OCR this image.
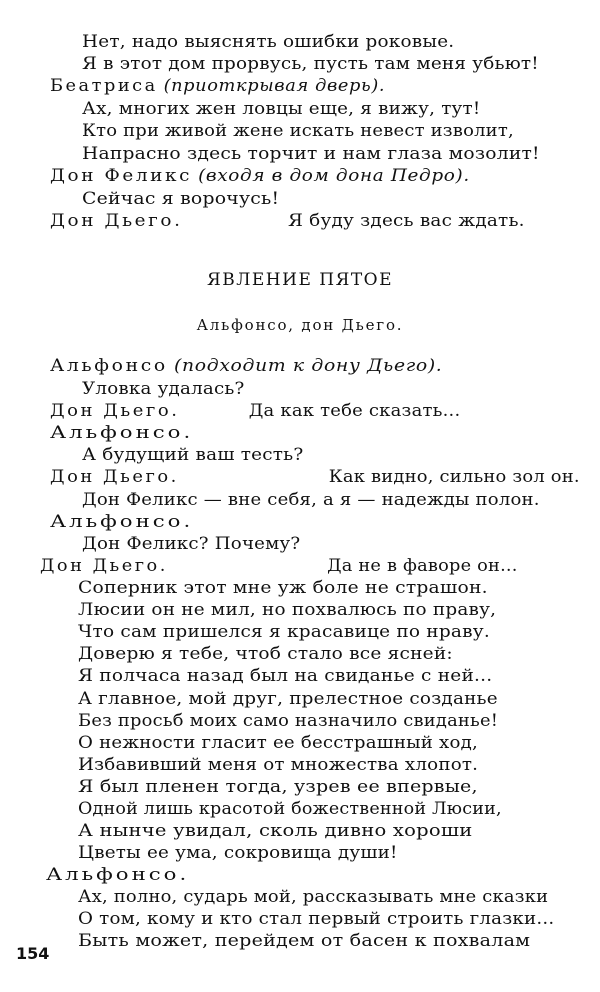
ЯВЛЕНИЕ ПЯТОЕ
Альфонсо, дон Дьего.
Нет, надо выяснять ошибки роковые.
Я в этот дом прорвусь, пусть там меня убьют!
Беатриса (приоткрывая дверь).
Ах, многих жен ловцы еще, я вижу, тут!
Кто при живой жене искать невест изволит,
Напрасно здесь торчит и нам глаза мозолит!
Дон Феликс (входя в дом дона Педро).
Сейчас я ворочусь!
Дон Дьего.	Я буду здесь вас ждать.
Альфонсо (подходит к дону Дьего).
Уловка удалась?
Дон Дьего.	Да как тебе сказать...
Альфонсо.
А будущий ваш тесть?
Дон Дьего.	Как видно, сильно зол он.
Дон Феликс — вне себя, а я — надежды полон.
Альфонсо.
Дон Феликс? Почему?
Дон Дьего.	Да не в фаворе он...
Соперник этот мне уж боле не страшон.
Люсии он не мил, но похвалюсь по праву,
Что сам пришелся я красавице по нраву.
Доверю я тебе, чтоб стало все ясней:
Я полчаса назад был на свиданье с ней...
А главное, мой друг, прелестное созданье
Без просьб моих само назначило свиданье!
О нежности гласит ее бесстрашный ход,
Избавивший меня от множества хлопот.
Я был пленен тогда, узрев ее впервые,
Одной лишь красотой божественной Люсии,
А нынче увидал, сколь дивно хороши
Цветы ее ума, сокровища души!
Альфонсо.
Ах, полно, сударь мой, рассказывать мне сказки
О том, кому и кто стал первый строить глазки...
Быть может, перейдем от басен к похвалам
154
